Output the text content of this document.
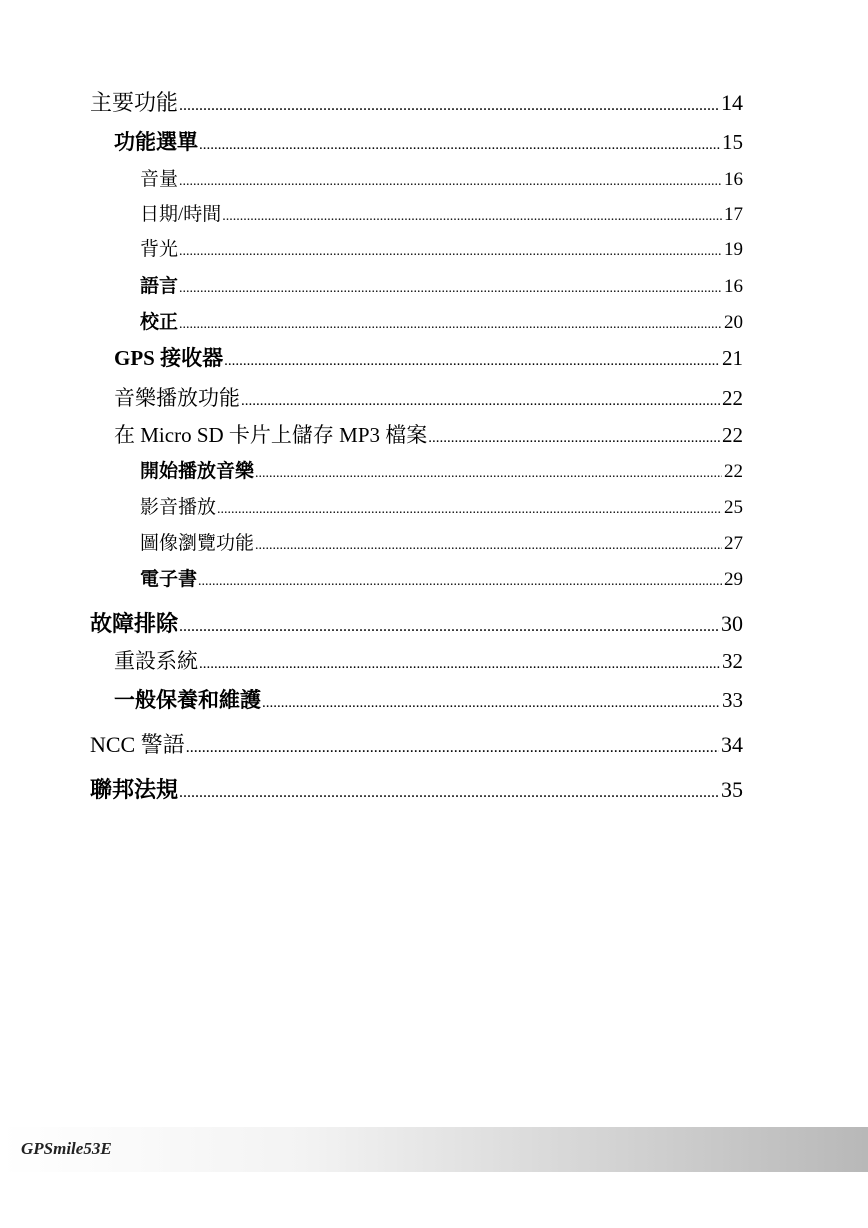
主要功能 .....	14
功能選單 .....	15
音量 .....	16
日期/時間 .....	17
背光 .....	19
語言 .....	16
校正 .....	20
GPS 接收器 .....	21
音樂播放功能 .....	22
在 Micro SD 卡片上儲存 MP3 檔案 .....	22
開始播放音樂 .....	22
影音播放 .....	25
圖像瀏覽功能 .....	27
電子書 .....	29
故障排除 .....	30
重設系統 .....	32
一般保養和維護 .....	33
NCC 警語 .....	34
聯邦法規 .....	35
GPSmile53E
